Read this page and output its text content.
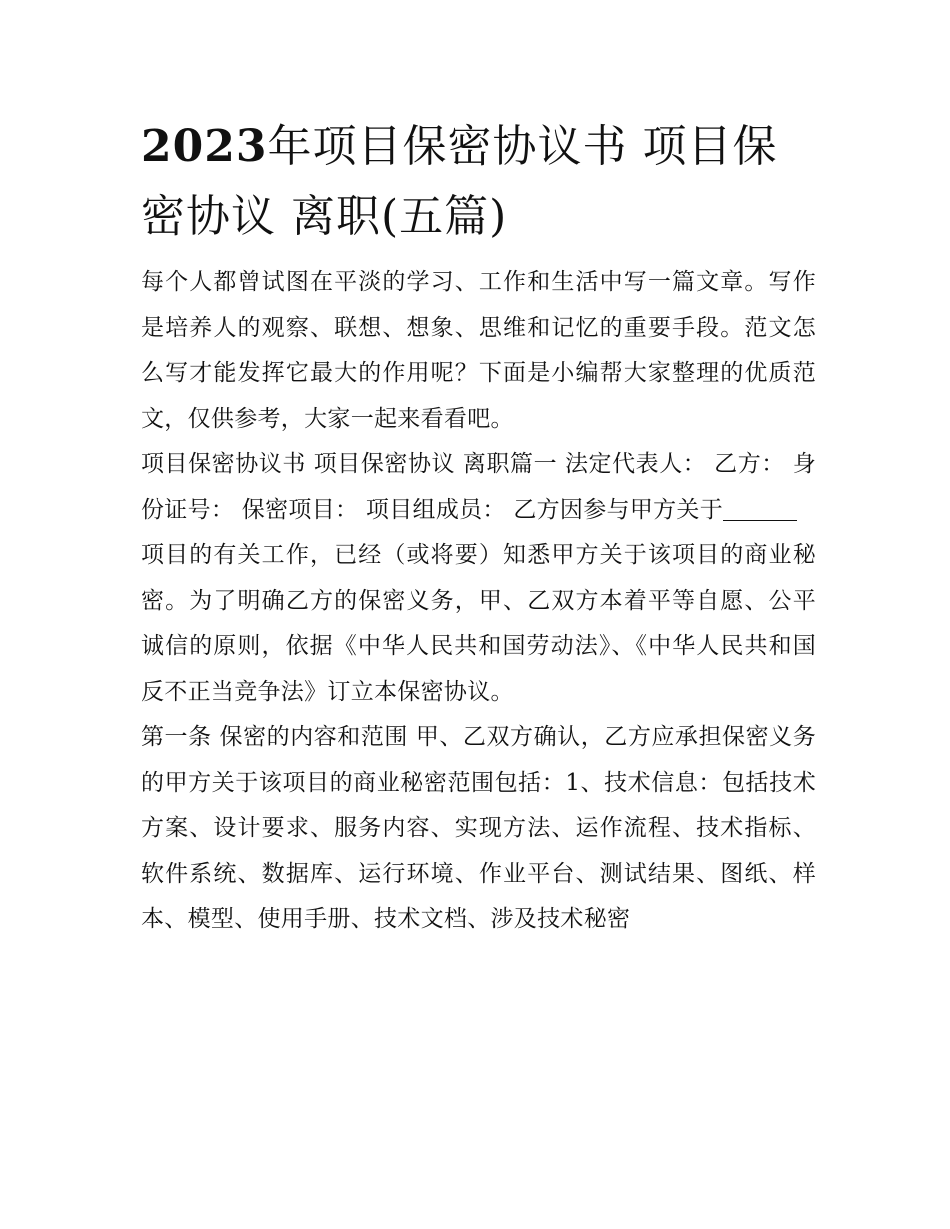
2023年项目保密协议书 项目保密协议 离职(五篇)

每个人都曾试图在平淡的学习、工作和生活中写一篇文章。写作是培养人的观察、联想、想象、思维和记忆的重要手段。范文怎么写才能发挥它最大的作用呢？下面是小编帮大家整理的优质范文，仅供参考，大家一起来看看吧。

项目保密协议书 项目保密协议 离职篇一 法定代表人： 乙方： 身份证号： 保密项目： 项目组成员： 乙方因参与甲方关于

项目的有关工作，已经（或将要）知悉甲方关于该项目的商业秘密。为了明确乙方的保密义务，甲、乙双方本着平等自愿、公平诚信的原则，依据《中华人民共和国劳动法》、《中华人民共和国反不正当竞争法》订立本保密协议。

第一条 保密的内容和范围 甲、乙双方确认，乙方应承担保密义务的甲方关于该项目的商业秘密范围包括：1、技术信息：包括技术方案、设计要求、服务内容、实现方法、运作流程、技术指标、软件系统、数据库、运行环境、作业平台、测试结果、图纸、样本、模型、使用手册、技术文档、涉及技术秘密
